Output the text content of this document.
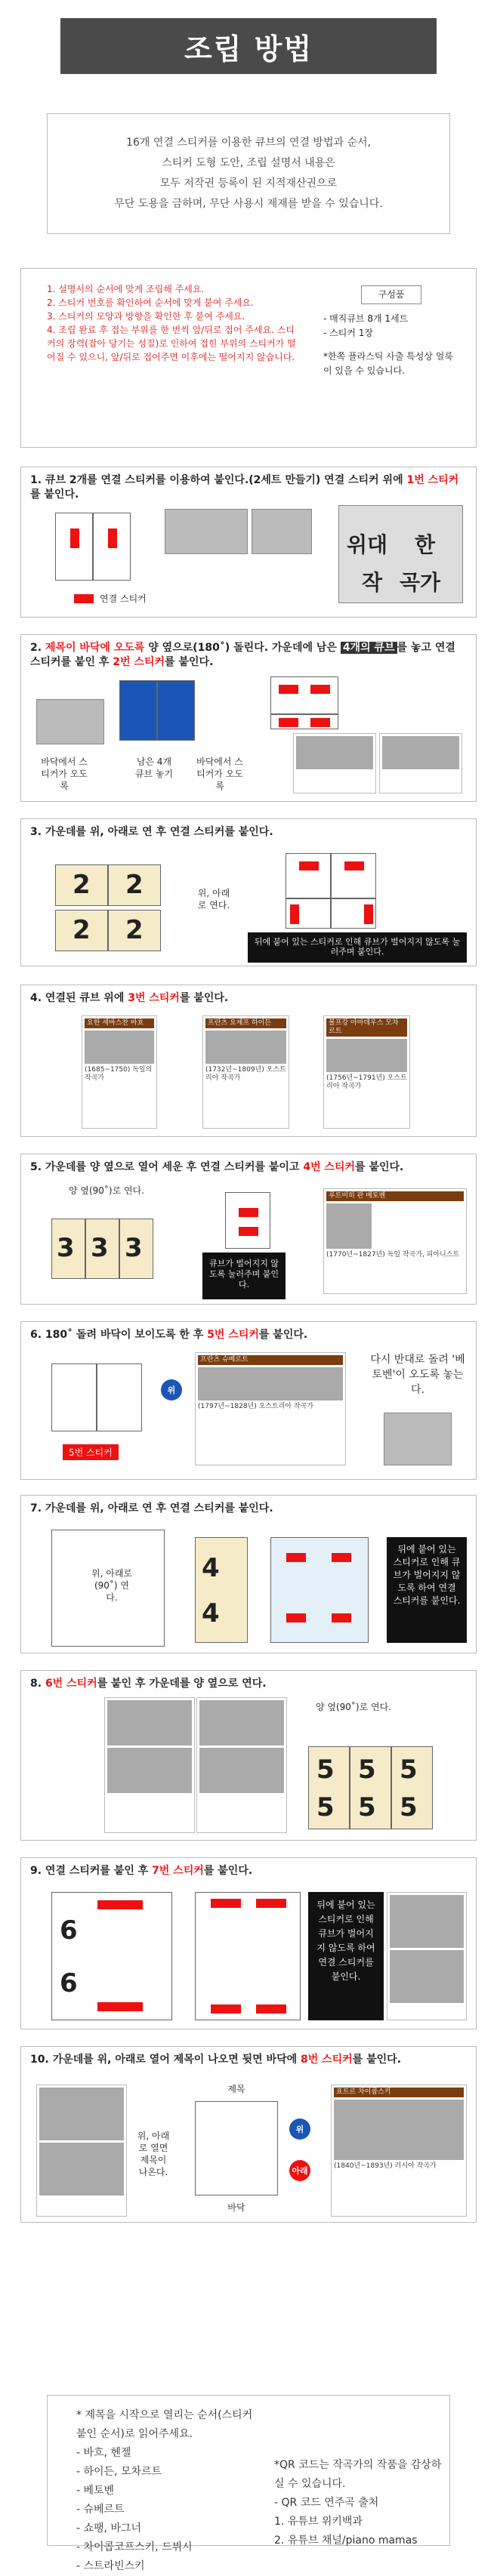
조립 방법
16개 연결 스티커를 이용한 큐브의 연결 방법과 순서,
스티커 도형 도안, 조립 설명서 내용은
모두 저작권 등록이 된 지적재산권으로
무단 도용을 금하며, 무단 사용시 제재를 받을 수 있습니다.
1. 설명서의 순서에 맞게 조립해 주세요.
2. 스티커 번호를 확인하여 순서에 맞게 붙여 주세요.
3. 스티커의 모양과 방향을 확인한 후 붙여 주세요.
4. 조립 완료 후 접는 부위를 한 번씩 앞/뒤로 접어 주세요. 스티커의 장력(잡아 당기는 성질)로 인하여 접힌 부위의 스티커가 떨어질 수 있으니, 앞/뒤로 접어주면 이후에는 떨어지지 않습니다.
구성품
- 매직큐브 8개 1세트
- 스티커 1장
*한쪽 플라스틱 사출 특성상 얼룩이 있을 수 있습니다.
1. 큐브 2개를 연결 스티커를 이용하여 붙인다.(2세트 만들기) 연결 스티커 위에 1번 스티커를 붙인다.
연결 스티커
위대 한
작 곡가
2. 제목이 바닥에 오도록 양 옆으로(180˚) 돌린다. 가운데에 남은 4개의 큐브 를 놓고 연결 스티커를 붙인 후 2번 스티커를 붙인다.
바닥에서 스티커가 오도록
남은 4개 큐브 놓기
바닥에서 스티커가 오도록
3. 가운데를 위, 아래로 연 후 연결 스티커를 붙인다.
2 2
2 2
위, 아래로 연다.
뒤에 붙어 있는 스티커로 인해 큐브가 벌어지지 않도록 눌러주며 붙인다.
4. 연결된 큐브 위에 3번 스티커를 붙인다.
요한 세바스찬 바흐
(1685~1750) 독일의 작곡가
프란츠 요제프 하이든
(1732년~1809년) 오스트리아 작곡가
볼프강 아마데우스 모차르트
(1756년~1791년) 오스트리아 작곡가
5. 가운데를 양 옆으로 열어 세운 후 연결 스티커를 붙이고 4번 스티커를 붙인다.
양 옆(90˚)로 연다.
3 3 3
큐브가 벌어지지 않도록 눌러주며 붙인다.
루트비히 판 베토벤
(1770년~1827년) 독일 작곡가, 피아니스트
6. 180˚ 돌려 바닥이 보이도록 한 후 5번 스티커를 붙인다.
5번 스티커
위
프란츠 슈베르트
(1797년~1828년) 오스트리아 작곡가
다시 반대로 돌려 '베토벤'이 오도록 놓는다.
7. 가운데를 위, 아래로 연 후 연결 스티커를 붙인다.
위, 아래로(90˚) 연다.
4
4
뒤에 붙어 있는 스티커로 인해 큐브가 벌어지지 않도록 하여 연결 스티커를 붙인다.
8. 6번 스티커를 붙인 후 가운데를 양 옆으로 연다.
양 옆(90˚)로 연다.
5
5
5
5
5
5
9. 연결 스티커를 붙인 후 7번 스티커를 붙인다.
6
6
뒤에 붙어 있는 스티커로 인해 큐브가 벌어지지 않도록 하여 연결 스티커를 붙인다.
10. 가운데를 위, 아래로 열어 제목이 나오면 뒷면 바닥에 8번 스티커를 붙인다.
위, 아래로 열면 제목이 나온다.
제목
위
아래
바닥
표트르 차이콥스키
(1840년~1893년) 러시아 작곡가
* 제목을 시작으로 열리는 순서(스티커 붙인 순서)로 읽어주세요.
- 바흐, 헨젤
- 하이든, 모차르트
- 베토벤
- 슈베르트
- 쇼팽, 바그너
- 차이콥코프스키, 드뷔시
- 스트라빈스키
*QR 코드는 작곡가의 작품을 감상하실 수 있습니다.
- QR 코드 연주곡 출처
1. 유튜브 위키백과
2. 유튜브 채널/piano mamas
